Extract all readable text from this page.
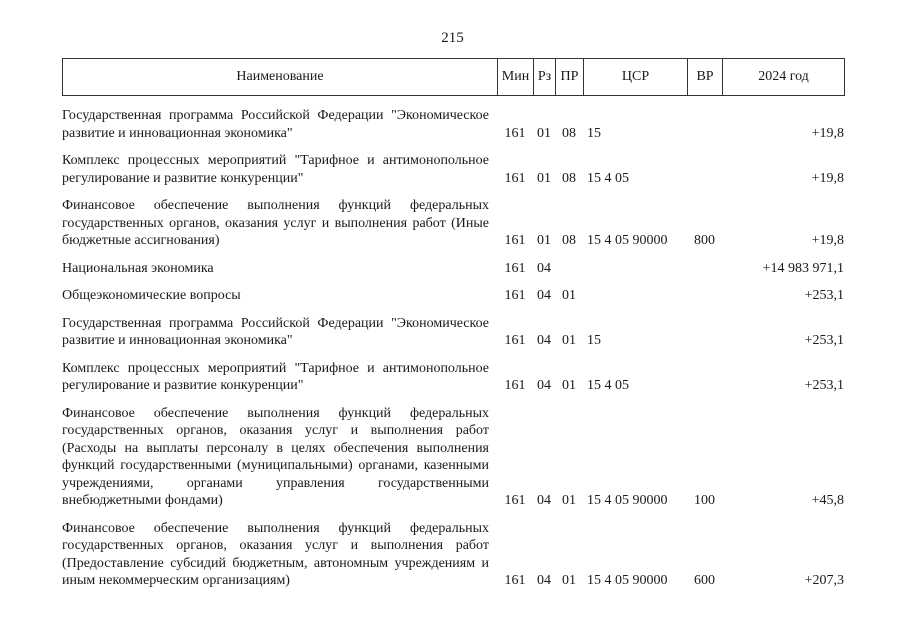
215
Наименование	Мин	Рз	ПР	ЦСР	ВР	2024 год
Государственная программа Российской Федерации "Экономическое развитие и инновационная экономика"	161	01	08	15		+19,8

Комплекс процессных мероприятий "Тарифное и антимонопольное регулирование и развитие конкуренции"	161	01	08	15 4 05		+19,8

Финансовое обеспечение выполнения функций федеральных государственных органов, оказания услуг и выполнения работ (Иные бюджетные ассигнования)	161	01	08	15 4 05 90000	800	+19,8

Национальная экономика	161	04				+14 983 971,1

Общеэкономические вопросы	161	04	01			+253,1

Государственная программа Российской Федерации "Экономическое развитие и инновационная экономика"	161	04	01	15		+253,1

Комплекс процессных мероприятий "Тарифное и антимонопольное регулирование и развитие конкуренции"	161	04	01	15 4 05		+253,1

Финансовое обеспечение выполнения функций федеральных государственных органов, оказания услуг и выполнения работ (Расходы на выплаты персоналу в целях обеспечения выполнения функций государственными (муниципальными) органами, казенными учреждениями, органами управления государственными внебюджетными фондами)	161	04	01	15 4 05 90000	100	+45,8

Финансовое обеспечение выполнения функций федеральных государственных органов, оказания услуг и выполнения работ (Предоставление субсидий бюджетным, автономным учреждениям и иным некоммерческим организациям)	161	04	01	15 4 05 90000	600	+207,3
